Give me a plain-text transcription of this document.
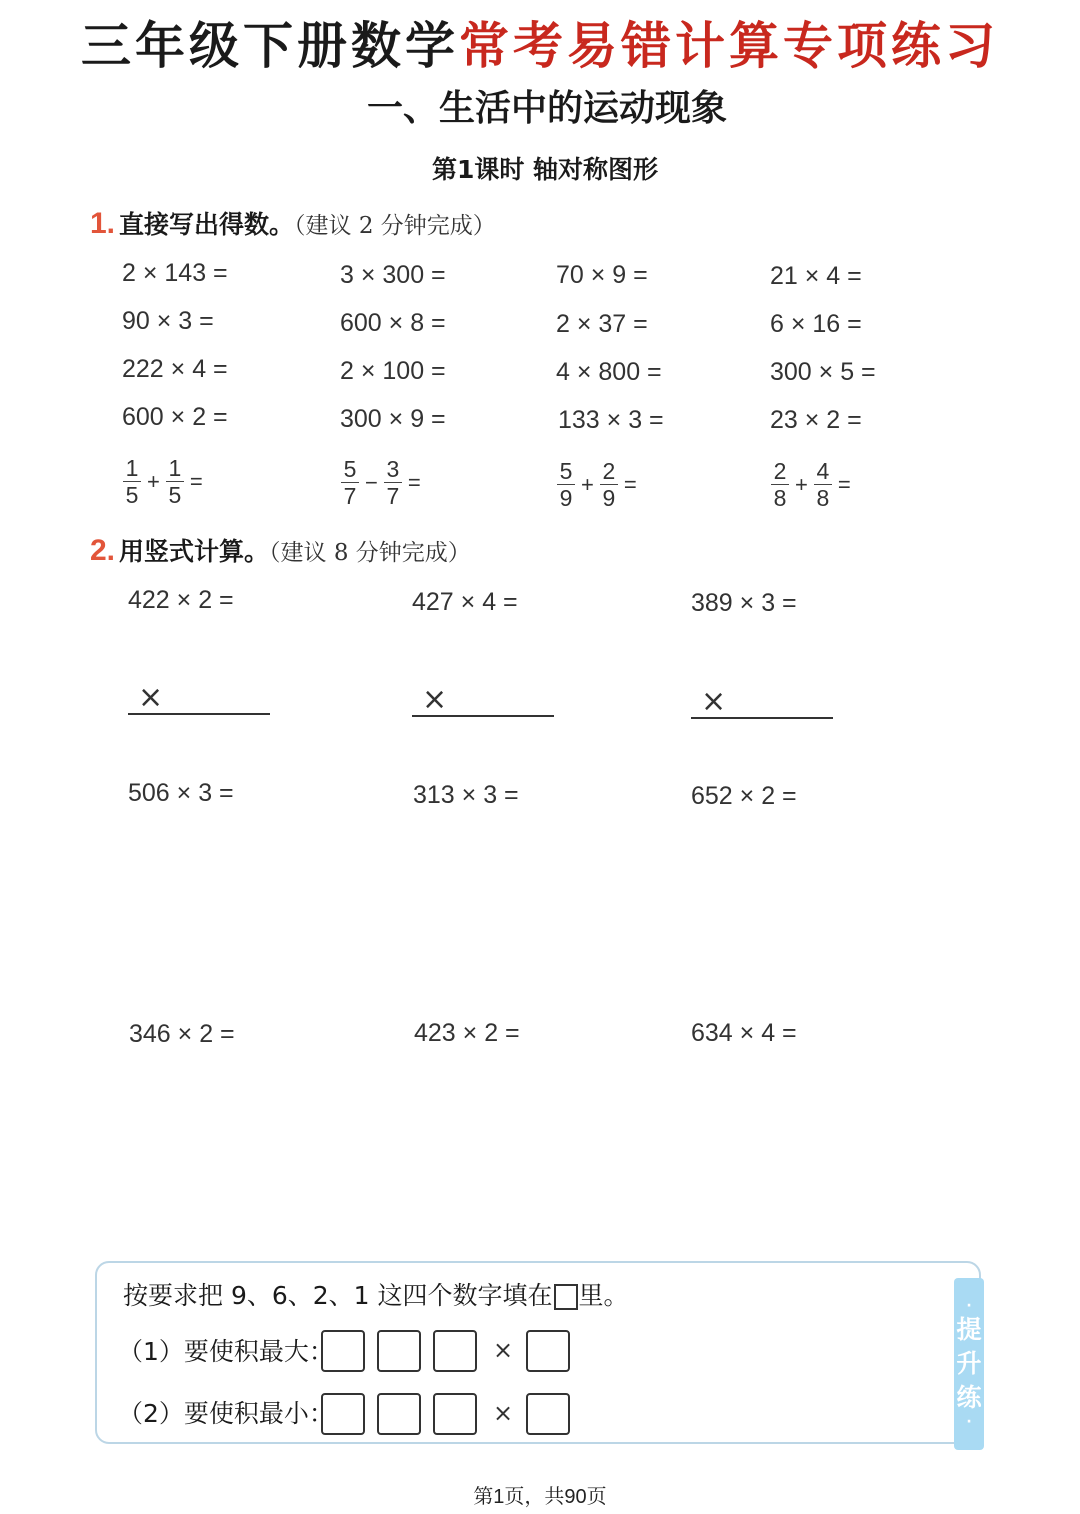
三年级下册数学常考易错计算专项练习
一、生活中的运动现象
第1课时 轴对称图形
1. 直接写出得数。（建议 2 分钟完成）
2 × 143 =	3 × 300 =	70 × 9 =	21 × 4 =
90 × 3 =	600 × 8 =	2 × 37 =	6 × 16 =
222 × 4 =	2 × 100 =	4 × 800 =	300 × 5 =
600 × 2 =	300 × 9 =	133 × 3 =	23 × 2 =
$\frac{1}{5} + \frac{1}{5}$ =	$\frac{5}{7} - \frac{3}{7}$ =	$\frac{5}{9} + \frac{2}{9}$ =	$\frac{2}{8} + \frac{4}{8}$ =
2. 用竖式计算。（建议 8 分钟完成）
422 × 2 =	427 × 4 =	389 × 3 =
×	×	×
506 × 3 =	313 × 3 =	652 × 2 =
346 × 2 =	423 × 2 =	634 × 4 =
·
提
升
练
·
按要求把 9、6、2、1 这四个数字填在 里。
（1）要使积最大：	×
（2）要使积最小：	×
第1页，共90页
